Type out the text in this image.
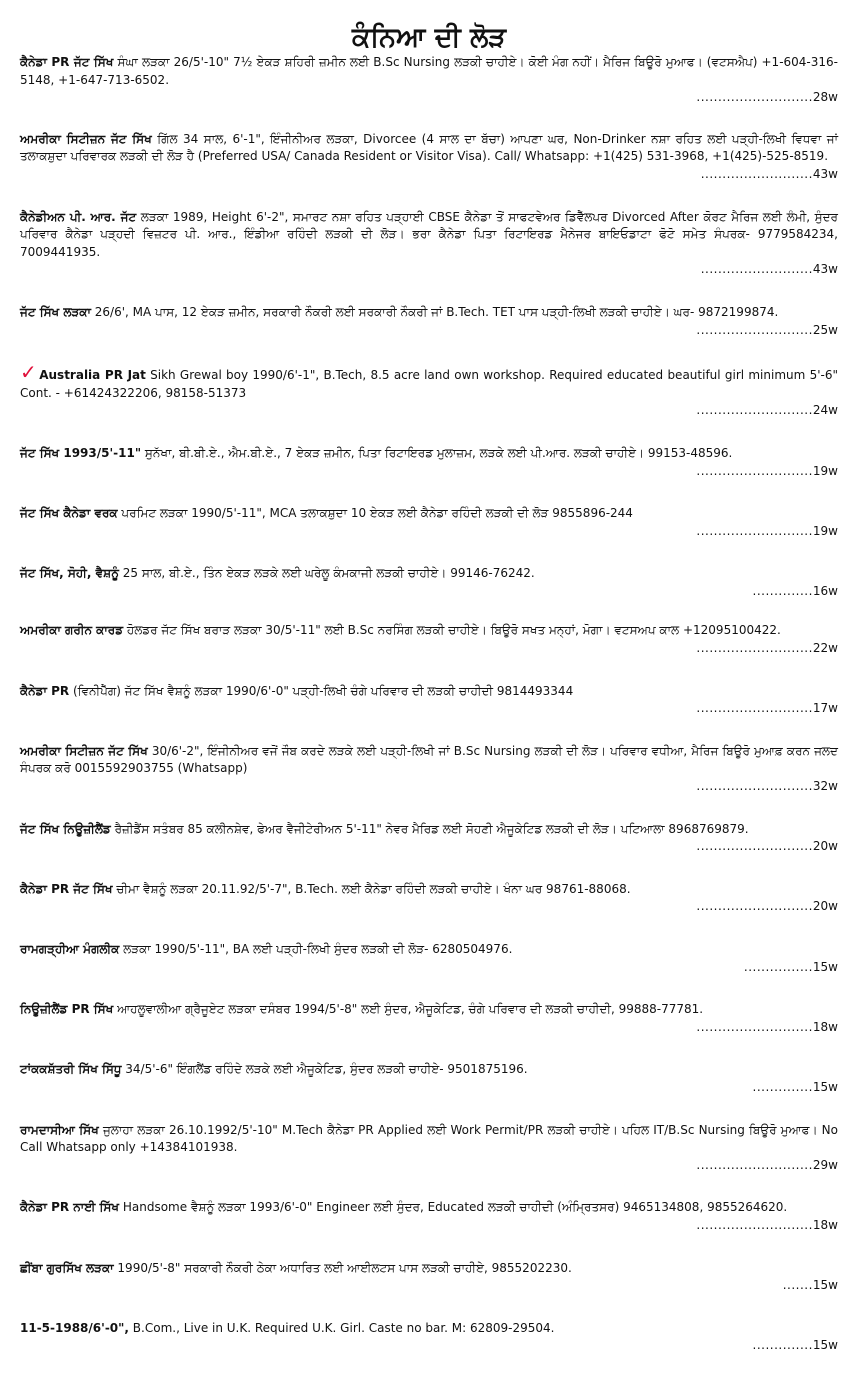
ਕੰਨਿਆ ਦੀ ਲੋੜ
ਕੈਨੇਡਾ PR ਜੱਟ ਸਿੱਖ ਸੰਘਾ ਲੜਕਾ 26/5'-10" 7½ ਏਕੜ ਸ਼ਹਿਰੀ ਜ਼ਮੀਨ ਲਈ B.Sc Nursing ਲੜਕੀ ਚਾਹੀਏ। ਕੋਈ ਮੰਗ ਨਹੀਂ। ਮੈਰਿਜ ਬਿਊਰੋ ਮੁਆਫ। (ਵਟਸਐਪ) +1-604-316-5148, +1-647-713-6502.
...........................28w
ਅਮਰੀਕਾ ਸਿਟੀਜ਼ਨ ਜੱਟ ਸਿੱਖ ਗਿੱਲ 34 ਸਾਲ, 6'-1", ਇੰਜੀਨੀਅਰ ਲੜਕਾ, Divorcee (4 ਸਾਲ ਦਾ ਬੱਚਾ) ਆਪਣਾ ਘਰ, Non-Drinker ਨਸ਼ਾ ਰਹਿਤ ਲਈ ਪੜ੍ਹੀ-ਲਿਖੀ ਵਿਧਵਾ ਜਾਂ ਤਲਾਕਸ਼ੁਦਾ ਪਰਿਵਾਰਕ ਲੜਕੀ ਦੀ ਲੋੜ ਹੈ (Preferred USA/ Canada Resident or Visitor Visa). Call/ Whatsapp: +1(425) 531-3968, +1(425)-525-8519.
..........................43w
ਕੈਨੇਡੀਅਨ ਪੀ. ਆਰ. ਜੱਟ ਲੜਕਾ 1989, Height 6'-2", ਸਮਾਰਟ ਨਸ਼ਾ ਰਹਿਤ ਪੜ੍ਹਾਈ CBSE ਕੈਨੇਡਾ ਤੋਂ ਸਾਫਟਵੇਅਰ ਡਿਵੈੱਲਪਰ Divorced After ਕੋਰਟ ਮੈਰਿਜ ਲਈ ਲੰਮੀ, ਸੁੰਦਰ ਪਰਿਵਾਰ ਕੈਨੇਡਾ ਪੜ੍ਹਦੀ ਵਿਜ਼ਟਰ ਪੀ. ਆਰ., ਇੰਡੀਆ ਰਹਿੰਦੀ ਲੜਕੀ ਦੀ ਲੋੜ। ਭਰਾ ਕੈਨੇਡਾ ਪਿਤਾ ਰਿਟਾਇਰਡ ਮੈਨੇਜਰ ਬਾਇਓਡਾਟਾ ਫੋਟੋ ਸਮੇਤ ਸੰਪਰਕ- 9779584234, 7009441935.
..........................43w
ਜੱਟ ਸਿੱਖ ਲੜਕਾ 26/6', MA ਪਾਸ, 12 ਏਕੜ ਜ਼ਮੀਨ, ਸਰਕਾਰੀ ਨੌਕਰੀ ਲਈ ਸਰਕਾਰੀ ਨੌਕਰੀ ਜਾਂ B.Tech. TET ਪਾਸ ਪੜ੍ਹੀ-ਲਿਖੀ ਲੜਕੀ ਚਾਹੀਏ। ਘਰ- 9872199874.
...........................25w
✓ Australia PR Jat Sikh Grewal boy 1990/6'-1", B.Tech, 8.5 acre land own workshop. Required educated beautiful girl minimum 5'-6" Cont. - +61424322206, 98158-51373
...........................24w
ਜੱਟ ਸਿੱਖ 1993/5'-11" ਸੁਨੱਖਾ, ਬੀ.ਬੀ.ਏ., ਐਮ.ਬੀ.ਏ., 7 ਏਕੜ ਜ਼ਮੀਨ, ਪਿਤਾ ਰਿਟਾਇਰਡ ਮੁਲਾਜ਼ਮ, ਲੜਕੇ ਲਈ ਪੀ.ਆਰ. ਲੜਕੀ ਚਾਹੀਏ। 99153-48596.
...........................19w
ਜੱਟ ਸਿੱਖ ਕੈਨੇਡਾ ਵਰਕ ਪਰਮਿਟ ਲੜਕਾ 1990/5'-11", MCA ਤਲਾਕਸ਼ੁਦਾ 10 ਏਕੜ ਲਈ ਕੈਨੇਡਾ ਰਹਿੰਦੀ ਲੜਕੀ ਦੀ ਲੋੜ 9855896-244
...........................19w
ਜੱਟ ਸਿੱਖ, ਸੋਹੀ, ਵੈਸ਼ਨੂੰ 25 ਸਾਲ, ਬੀ.ਏ., ਤਿੰਨ ਏਕੜ ਲੜਕੇ ਲਈ ਘਰੇਲੂ ਕੰਮਕਾਜੀ ਲੜਕੀ ਚਾਹੀਏ। 99146-76242.
..............16w
ਅਮਰੀਕਾ ਗਰੀਨ ਕਾਰਡ ਹੋਲਡਰ ਜੱਟ ਸਿੱਖ ਬਰਾੜ ਲੜਕਾ 30/5'-11" ਲਈ B.Sc ਨਰਸਿੰਗ ਲੜਕੀ ਚਾਹੀਏ। ਬਿਊਰੋ ਸਖਤ ਮਨ੍ਹਾਂ, ਮੋਗਾ। ਵਟਸਅਪ ਕਾਲ +12095100422.
...........................22w
ਕੈਨੇਡਾ PR (ਵਿਨੀਪੈੱਗ) ਜੱਟ ਸਿੱਖ ਵੈਸ਼ਨੂੰ ਲੜਕਾ 1990/6'-0" ਪੜ੍ਹੀ-ਲਿਖੀ ਚੰਗੇ ਪਰਿਵਾਰ ਦੀ ਲੜਕੀ ਚਾਹੀਦੀ 9814493344
...........................17w
ਅਮਰੀਕਾ ਸਿਟੀਜ਼ਨ ਜੱਟ ਸਿੱਖ 30/6'-2", ਇੰਜੀਨੀਅਰ ਵਜੋਂ ਜੌਬ ਕਰਦੇ ਲੜਕੇ ਲਈ ਪੜ੍ਹੀ-ਲਿਖੀ ਜਾਂ B.Sc Nursing ਲੜਕੀ ਦੀ ਲੋੜ। ਪਰਿਵਾਰ ਵਧੀਆ, ਮੈਰਿਜ ਬਿਊਰੋ ਮੁਆਫ਼ ਕਰਨ ਜਲਦ ਸੰਪਰਕ ਕਰੋ 0015592903755 (Whatsapp)
...........................32w
ਜੱਟ ਸਿੱਖ ਨਿਊਜ਼ੀਲੈਂਡ ਰੈਜ਼ੀਡੈਂਸ ਸਤੰਬਰ 85 ਕਲੀਨਸ਼ੇਵ, ਫੇਅਰ ਵੈਜੀਟੇਰੀਅਨ 5'-11" ਨੇਵਰ ਮੈਰਿਡ ਲਈ ਸੋਹਣੀ ਐਜੂਕੇਟਿਡ ਲੜਕੀ ਦੀ ਲੋੜ। ਪਟਿਆਲਾ 8968769879.
...........................20w
ਕੈਨੇਡਾ PR ਜੱਟ ਸਿੱਖ ਚੀਮਾ ਵੈਸ਼ਨੂੰ ਲੜਕਾ 20.11.92/5'-7", B.Tech. ਲਈ ਕੈਨੇਡਾ ਰਹਿੰਦੀ ਲੜਕੀ ਚਾਹੀਏ। ਖੰਨਾ ਘਰ 98761-88068.
...........................20w
ਰਾਮਗੜ੍ਹੀਆ ਮੰਗਲੀਕ ਲੜਕਾ 1990/5'-11", BA ਲਈ ਪੜ੍ਹੀ-ਲਿਖੀ ਸੁੰਦਰ ਲੜਕੀ ਦੀ ਲੋੜ- 6280504976.
................15w
ਨਿਊਜ਼ੀਲੈਂਡ PR ਸਿੱਖ ਆਹਲੂਵਾਲੀਆ ਗ੍ਰੈਜੂਏਟ ਲੜਕਾ ਦਸੰਬਰ 1994/5'-8" ਲਈ ਸੁੰਦਰ, ਐਜੂਕੇਟਿਡ, ਚੰਗੇ ਪਰਿਵਾਰ ਦੀ ਲੜਕੀ ਚਾਹੀਦੀ, 99888-77781.
...........................18w
ਟਾਂਕਕਸ਼ੱਤਰੀ ਸਿੱਖ ਸਿੱਧੂ 34/5'-6" ਇੰਗਲੈਂਡ ਰਹਿੰਦੇ ਲੜਕੇ ਲਈ ਐਜੂਕੇਟਿਡ, ਸੁੰਦਰ ਲੜਕੀ ਚਾਹੀਏ- 9501875196.
..............15w
ਰਾਮਦਾਸੀਆ ਸਿੱਖ ਜੁਲਾਹਾ ਲੜਕਾ 26.10.1992/5'-10" M.Tech ਕੈਨੇਡਾ PR Applied ਲਈ Work Permit/PR ਲੜਕੀ ਚਾਹੀਏ। ਪਹਿਲ IT/B.Sc Nursing ਬਿਊਰੋ ਮੁਆਫ। No Call Whatsapp only +14384101938.
...........................29w
ਕੈਨੇਡਾ PR ਨਾਈ ਸਿੱਖ Handsome ਵੈਸ਼ਨੂੰ ਲੜਕਾ 1993/6'-0" Engineer ਲਈ ਸੁੰਦਰ, Educated ਲੜਕੀ ਚਾਹੀਦੀ (ਅੰਮ੍ਰਿਤਸਰ) 9465134808, 9855264620.
...........................18w
ਛੀਂਬਾ ਗੁਰਸਿੱਖ ਲੜਕਾ 1990/5'-8" ਸਰਕਾਰੀ ਨੌਕਰੀ ਠੇਕਾ ਅਧਾਰਿਤ ਲਈ ਆਈਲਟਸ ਪਾਸ ਲੜਕੀ ਚਾਹੀਏ, 9855202230.
.......15w
11-5-1988/6'-0", B.Com., Live in U.K. Required U.K. Girl. Caste no bar. M: 62809-29504.
..............15w
